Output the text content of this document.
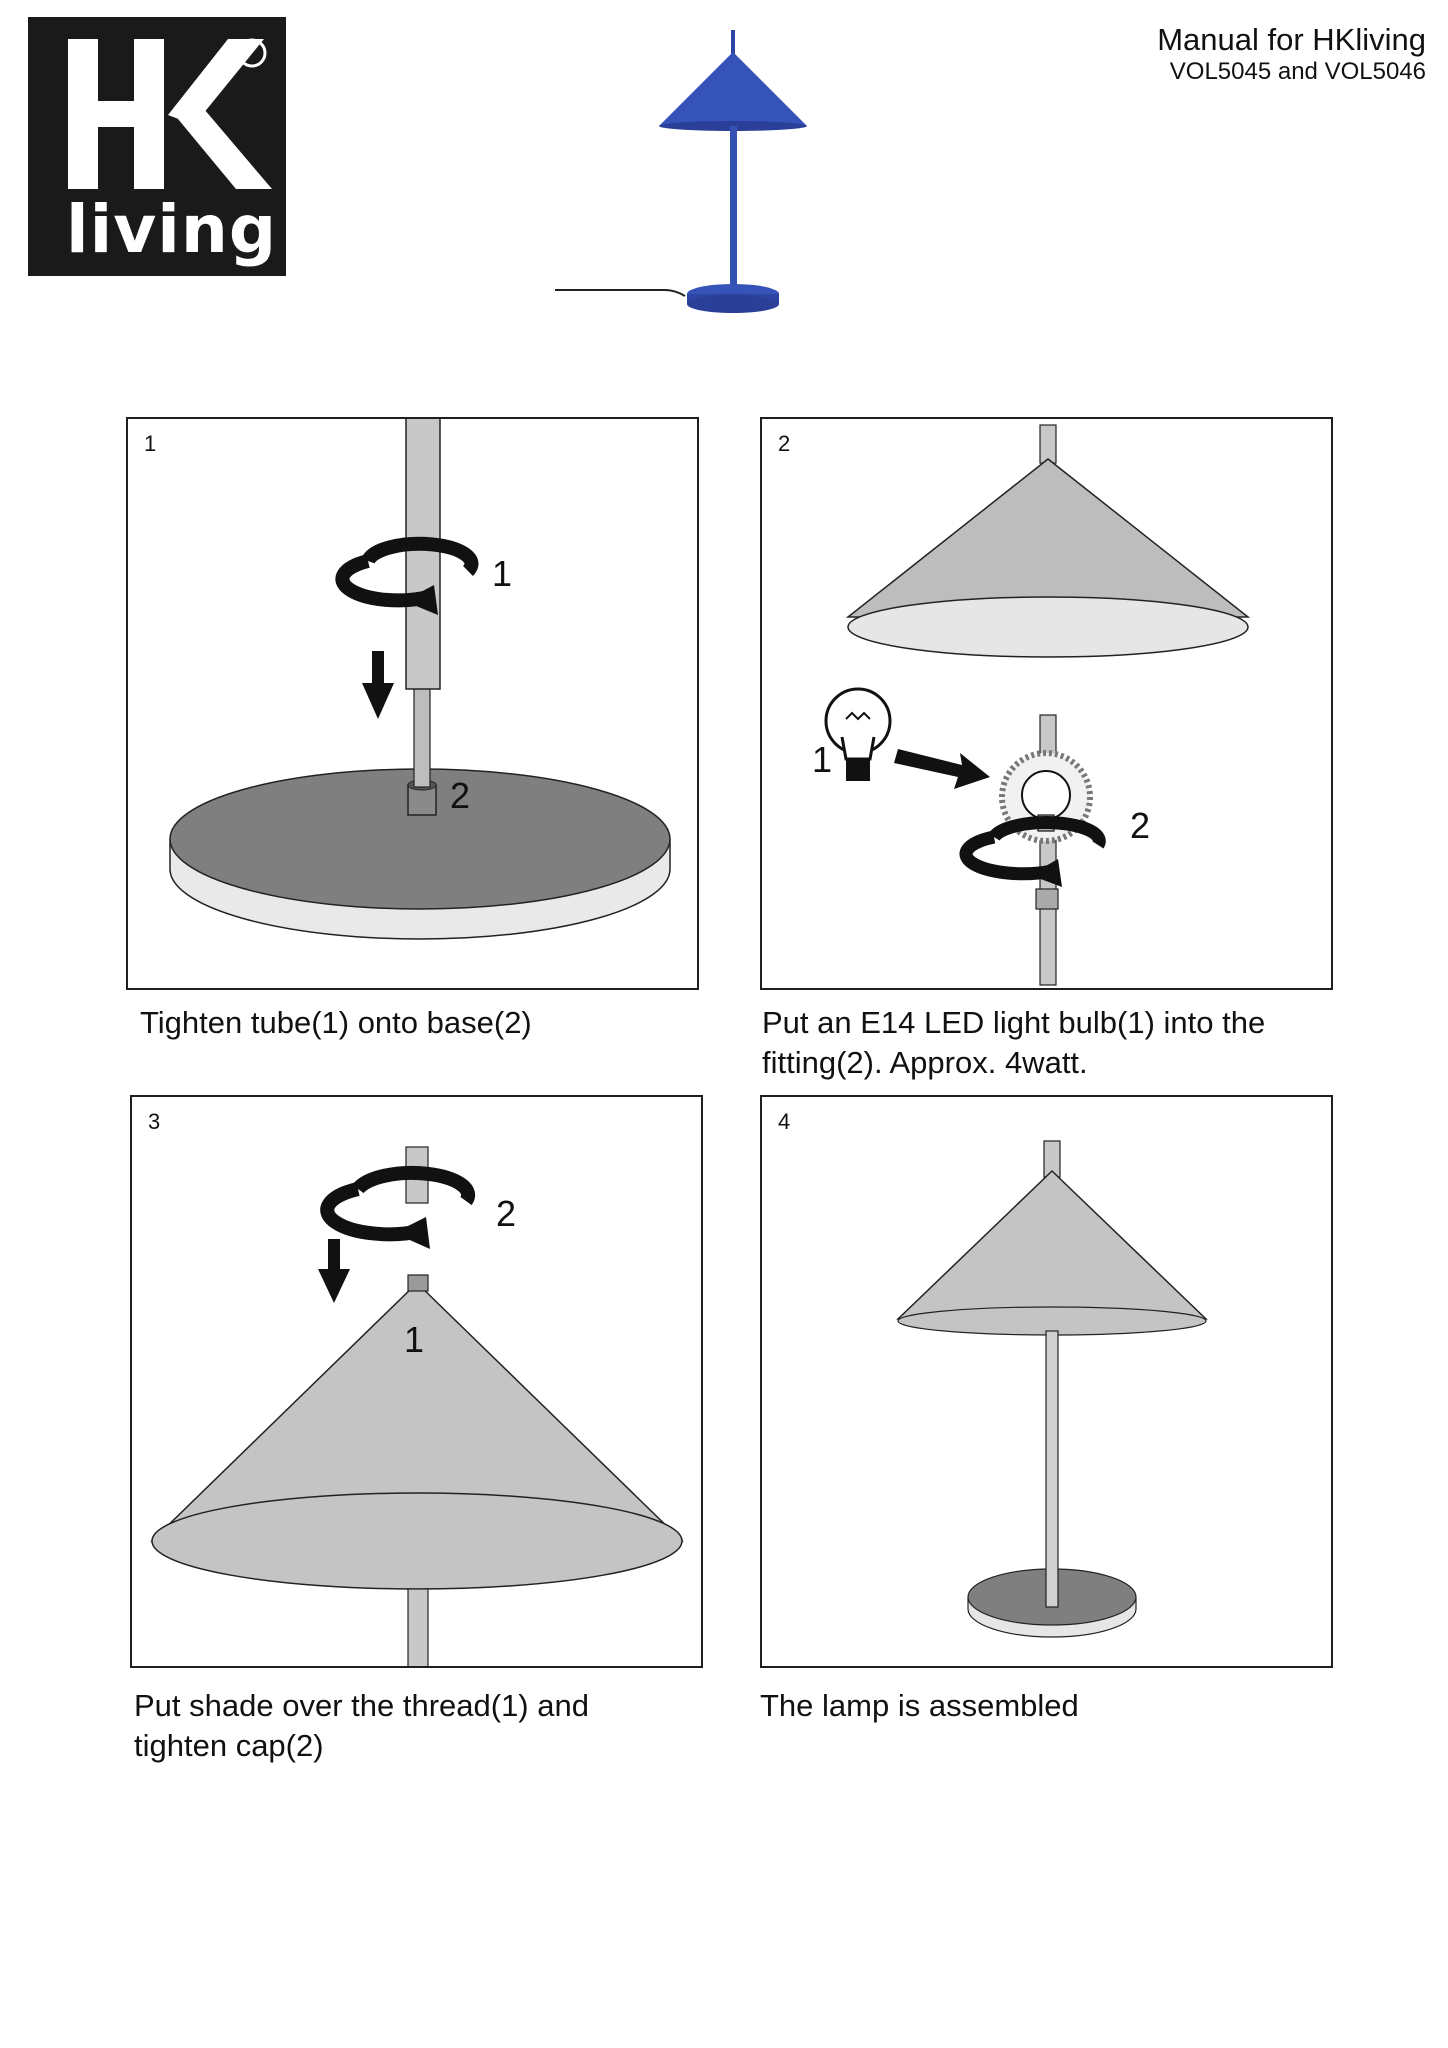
living
Manual for HKliving
VOL5045 and VOL5046
1
1
2
Tighten tube(1) onto base(2)
2
1
2
Put an E14 LED light bulb(1) into the
fitting(2). Approx. 4watt.
3
1
2
Put shade over the thread(1) and
tighten cap(2)
4
The lamp is assembled
